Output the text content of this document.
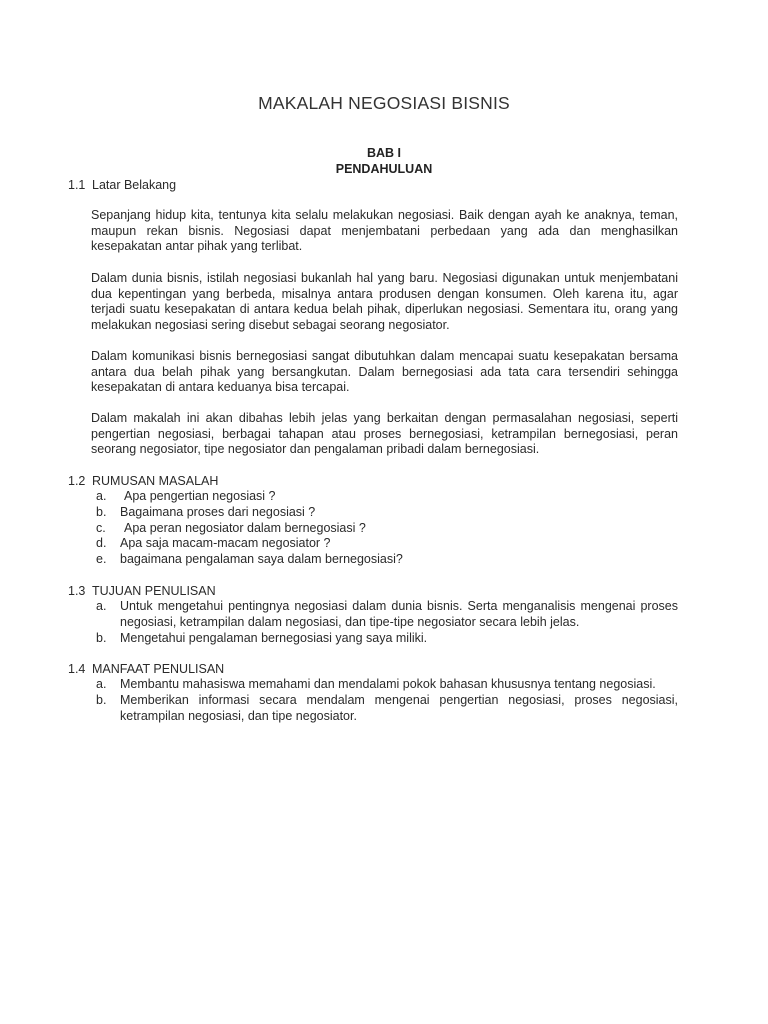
MAKALAH NEGOSIASI BISNIS
BAB I
PENDAHULUAN
1.1 Latar Belakang

Sepanjang hidup kita, tentunya kita selalu melakukan negosiasi. Baik dengan ayah ke anaknya, teman, maupun rekan bisnis. Negosiasi dapat menjembatani perbedaan yang ada dan menghasilkan kesepakatan antar pihak yang terlibat.

Dalam dunia bisnis, istilah negosiasi bukanlah hal yang baru. Negosiasi digunakan untuk menjembatani dua kepentingan yang berbeda, misalnya antara produsen dengan konsumen. Oleh karena itu, agar terjadi suatu kesepakatan di antara kedua belah pihak, diperlukan negosiasi. Sementara itu, orang yang melakukan negosiasi sering disebut sebagai seorang negosiator.

Dalam komunikasi bisnis bernegosiasi sangat dibutuhkan dalam mencapai suatu kesepakatan bersama antara dua belah pihak yang bersangkutan. Dalam bernegosiasi ada tata cara tersendiri sehingga kesepakatan di antara keduanya bisa tercapai.

Dalam makalah ini akan dibahas lebih jelas yang berkaitan dengan permasalahan negosiasi, seperti pengertian negosiasi, berbagai tahapan atau proses bernegosiasi, ketrampilan bernegosiasi, peran seorang negosiator, tipe negosiator dan pengalaman pribadi dalam bernegosiasi.

1.2 RUMUSAN MASALAH
a.	Apa pengertian negosiasi ?
b. Bagaimana proses dari negosiasi ?
c.	Apa peran negosiator dalam bernegosiasi ?
d. Apa saja macam-macam negosiator ?
e. bagaimana pengalaman saya dalam bernegosiasi?
1.3 TUJUAN PENULISAN
a. Untuk mengetahui pentingnya negosiasi dalam dunia bisnis. Serta menganalisis mengenai proses negosiasi, ketrampilan dalam negosiasi, dan tipe-tipe negosiator secara lebih jelas.
b. Mengetahui pengalaman bernegosiasi yang saya miliki.
1.4 MANFAAT PENULISAN
a. Membantu mahasiswa memahami dan mendalami pokok bahasan khususnya tentang negosiasi.
b. Memberikan informasi secara mendalam mengenai pengertian negosiasi, proses negosiasi, ketrampilan negosiasi, dan tipe negosiator.
